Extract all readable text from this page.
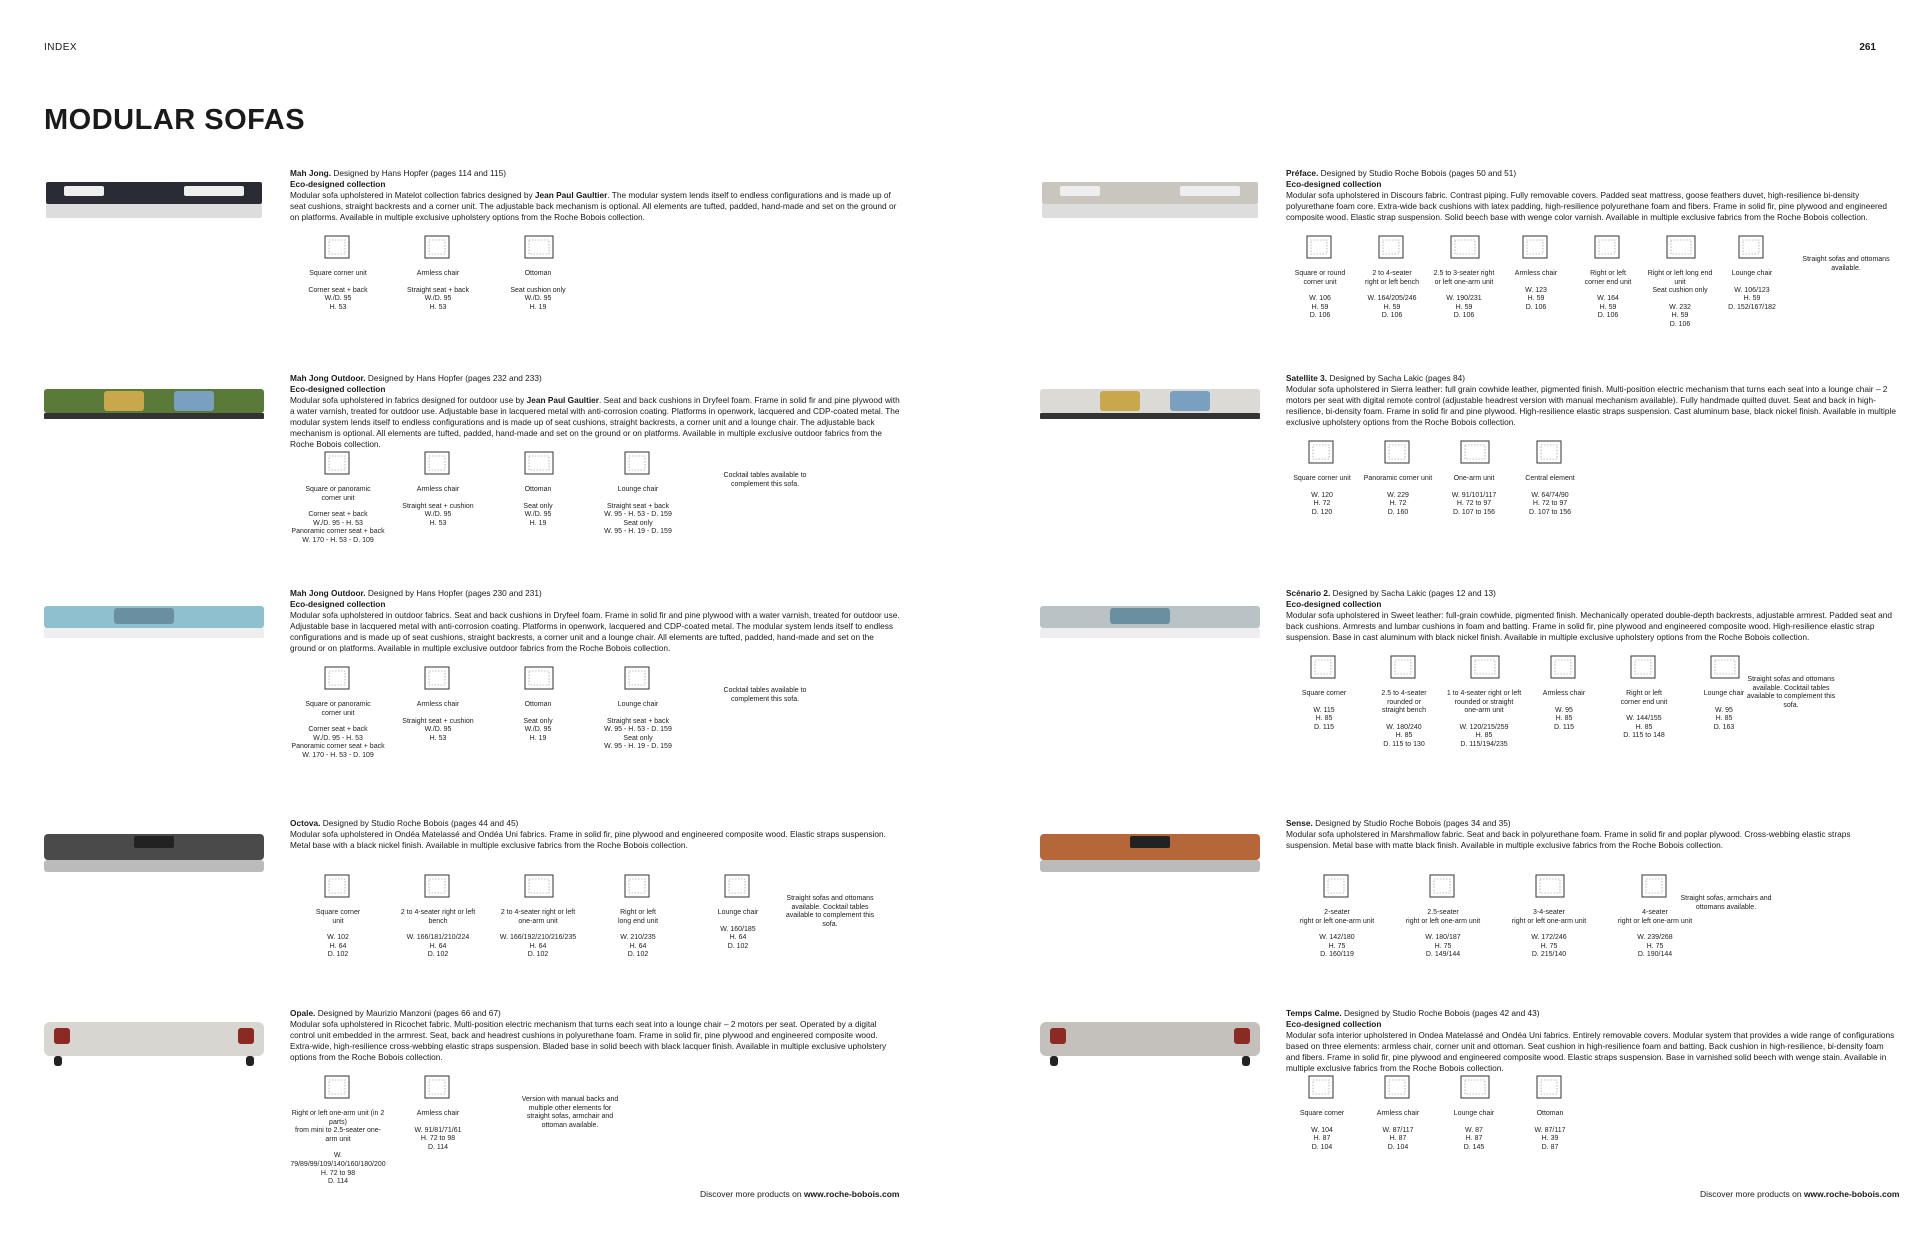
INDEX	261
MODULAR SOFAS
Mah Jong. Designed by Hans Hopfer (pages 114 and 115)
Eco-designed collection
Modular sofa upholstered in Matelot collection fabrics designed by Jean Paul Gaultier. The modular system lends itself to endless configurations and is made up of seat cushions, straight backrests and a corner unit. The adjustable back mechanism is optional. All elements are tufted, padded, hand-made and set on the ground or on platforms. Available in multiple exclusive upholstery options from the Roche Bobois collection.
Square corner unit
Corner seat + back
W./D. 95
H. 53
Armless chair
Straight seat + back
W./D. 95
H. 53
Ottoman
Seat cushion only
W./D. 95
H. 19
Mah Jong Outdoor. Designed by Hans Hopfer (pages 232 and 233)
Eco-designed collection
Modular sofa upholstered in fabrics designed for outdoor use by Jean Paul Gaultier. Seat and back cushions in Dryfeel foam. Frame in solid fir and pine plywood with a water varnish, treated for outdoor use. Adjustable base in lacquered metal with anti-corrosion coating. Platforms in openwork, lacquered and CDP-coated metal. The modular system lends itself to endless configurations and is made up of seat cushions, straight backrests, a corner unit and a lounge chair. The adjustable back mechanism is optional. All elements are tufted, padded, hand-made and set on the ground or on platforms. Available in multiple exclusive outdoor fabrics from the Roche Bobois collection.
Square or panoramic
corner unit
Corner seat + back
W./D. 95 - H. 53
Panoramic corner seat + back
W. 170 - H. 53 - D. 109
Armless chair
Straight seat + cushion
W./D. 95
H. 53
Ottoman
Seat only
W./D. 95
H. 19
Lounge chair
Straight seat + back
W. 95 - H. 53 - D. 159
Seat only
W. 95 - H. 19 - D. 159
Cocktail tables available to complement this sofa.
Mah Jong Outdoor. Designed by Hans Hopfer (pages 230 and 231)
Eco-designed collection
Modular sofa upholstered in outdoor fabrics. Seat and back cushions in Dryfeel foam. Frame in solid fir and pine plywood with a water varnish, treated for outdoor use. Adjustable base in lacquered metal with anti-corrosion coating. Platforms in openwork, lacquered and CDP-coated metal. The modular system lends itself to endless configurations and is made up of seat cushions, straight backrests, a corner unit and a lounge chair. All elements are tufted, padded, hand-made and set on the ground or on platforms. Available in multiple exclusive outdoor fabrics from the Roche Bobois collection.
Square or panoramic
corner unit
Corner seat + back
W./D. 95 - H. 53
Panoramic corner seat + back
W. 170 - H. 53 - D. 109
Armless chair
Straight seat + cushion
W./D. 95
H. 53
Ottoman
Seat only
W./D. 95
H. 19
Lounge chair
Straight seat + back
W. 95 - H. 53 - D. 159
Seat only
W. 95 - H. 19 - D. 159
Cocktail tables available to complement this sofa.
Octova. Designed by Studio Roche Bobois (pages 44 and 45)
Modular sofa upholstered in Ondéa Matelassé and Ondéa Uni fabrics. Frame in solid fir, pine plywood and engineered composite wood. Elastic straps suspension. Metal base with a black nickel finish. Available in multiple exclusive fabrics from the Roche Bobois collection.
Square corner
unit
W. 102
H. 64
D. 102
2 to 4-seater right or left
bench
W. 166/181/210/224
H. 64
D. 102
2 to 4-seater right or left
one-arm unit
W. 166/192/210/216/235
H. 64
D. 102
Right or left
long end unit
W. 210/235
H. 64
D. 102
Lounge chair
W. 160/185
H. 64
D. 102
Straight sofas and ottomans available. Cocktail tables available to complement this sofa.
Opale. Designed by Maurizio Manzoni (pages 66 and 67)
Modular sofa upholstered in Ricochet fabric. Multi-position electric mechanism that turns each seat into a lounge chair – 2 motors per seat. Operated by a digital control unit embedded in the armrest. Seat, back and headrest cushions in polyurethane foam. Frame in solid fir, pine plywood and engineered composite wood. Extra-wide, high-resilience cross-webbing elastic straps suspension. Bladed base in solid beech with black lacquer finish. Available in multiple exclusive upholstery options from the Roche Bobois collection.
Right or left one-arm unit (in 2 parts)
from mini to 2.5-seater one-arm unit
W. 79/89/99/109/140/160/180/200
H. 72 to 98
D. 114
Armless chair
W. 91/81/71/61
H. 72 to 98
D. 114
Version with manual backs and multiple other elements for straight sofas, armchair and ottoman available.
Préface. Designed by Studio Roche Bobois (pages 50 and 51)
Eco-designed collection
Modular sofa upholstered in Discours fabric. Contrast piping. Fully removable covers. Padded seat mattress, goose feathers duvet, high-resilience bi-density polyurethane foam core. Extra-wide back cushions with latex padding, high-resilience polyurethane foam and fibers. Frame in solid fir, pine plywood and engineered composite wood. Elastic strap suspension. Solid beech base with wenge color varnish. Available in multiple exclusive fabrics from the Roche Bobois collection.
Square or round
corner unit
W. 106
H. 59
D. 106
2 to 4-seater
right or left bench
W. 164/205/246
H. 59
D. 106
2.5 to 3-seater right
or left one-arm unit
W. 190/231
H. 59
D. 106
Armless chair
W. 123
H. 59
D. 106
Right or left
corner end unit
W. 164
H. 59
D. 106
Right or left long end unit
Seat cushion only
W. 232
H. 59
D. 106
Lounge chair
W. 106/123
H. 59
D. 152/167/182
Straight sofas and ottomans available.
Satellite 3. Designed by Sacha Lakic (pages 84)
Modular sofa upholstered in Sierra leather: full grain cowhide leather, pigmented finish. Multi-position electric mechanism that turns each seat into a lounge chair – 2 motors per seat with digital remote control (adjustable headrest version with manual mechanism available). Fully handmade quilted duvet. Seat and back in high-resilience, bi-density foam. Frame in solid fir and pine plywood. High-resilience elastic straps suspension. Cast aluminum base, black nickel finish. Available in multiple exclusive upholstery options from the Roche Bobois collection.
Square corner unit
W. 120
H. 72
D. 120
Panoramic corner unit
W. 229
H. 72
D. 160
One-arm unit
W. 91/101/117
H. 72 to 97
D. 107 to 156
Central element
W. 64/74/90
H. 72 to 97
D. 107 to 156
Scénario 2. Designed by Sacha Lakic (pages 12 and 13)
Eco-designed collection
Modular sofa upholstered in Sweet leather: full-grain cowhide, pigmented finish. Mechanically operated double-depth backrests, adjustable armrest. Padded seat and back cushions. Armrests and lumbar cushions in foam and batting. Frame in solid fir, pine plywood and engineered composite wood. High-resilience elastic strap suspension. Base in cast aluminum with black nickel finish. Available in multiple exclusive upholstery options from the Roche Bobois collection.
Square corner
W. 115
H. 85
D. 115
2.5 to 4-seater
rounded or
straight bench
W. 180/240
H. 85
D. 115 to 130
1 to 4-seater right or left
rounded or straight
one-arm unit
W. 120/215/259
H. 85
D. 115/194/235
Armless chair
W. 95
H. 85
D. 115
Right or left
corner end unit
W. 144/155
H. 85
D. 115 to 148
Lounge chair
W. 95
H. 85
D. 163
Straight sofas and ottomans available. Cocktail tables available to complement this sofa.
Sense. Designed by Studio Roche Bobois (pages 34 and 35)
Modular sofa upholstered in Marshmallow fabric. Seat and back in polyurethane foam. Frame in solid fir and poplar plywood. Cross-webbing elastic straps suspension. Metal base with matte black finish. Available in multiple exclusive fabrics from the Roche Bobois collection.
2-seater
right or left one-arm unit
W. 142/180
H. 75
D. 160/119
2.5-seater
right or left one-arm unit
W. 180/187
H. 75
D. 149/144
3-4-seater
right or left one-arm unit
W. 172/246
H. 75
D. 215/140
4-seater
right or left one-arm unit
W. 239/268
H. 75
D. 190/144
Straight sofas, armchairs and ottomans available.
Temps Calme. Designed by Studio Roche Bobois (pages 42 and 43)
Eco-designed collection
Modular sofa interior upholstered in Ondea Matelassé and Ondéa Uni fabrics. Entirely removable covers. Modular system that provides a wide range of configurations based on three elements: armless chair, corner unit and ottoman. Seat cushion in high-resilience foam and batting. Back cushion in high-resilience, bi-density foam and fibers. Frame in solid fir, pine plywood and engineered composite wood. Elastic straps suspension. Base in varnished solid beech with wenge stain. Available in multiple exclusive fabrics from the Roche Bobois collection.
Square corner
W. 104
H. 87
D. 104
Armless chair
W. 87/117
H. 87
D. 104
Lounge chair
W. 87
H. 87
D. 145
Ottoman
W. 87/117
H. 39
D. 87
Discover more products on www.roche-bobois.com	Discover more products on www.roche-bobois.com
